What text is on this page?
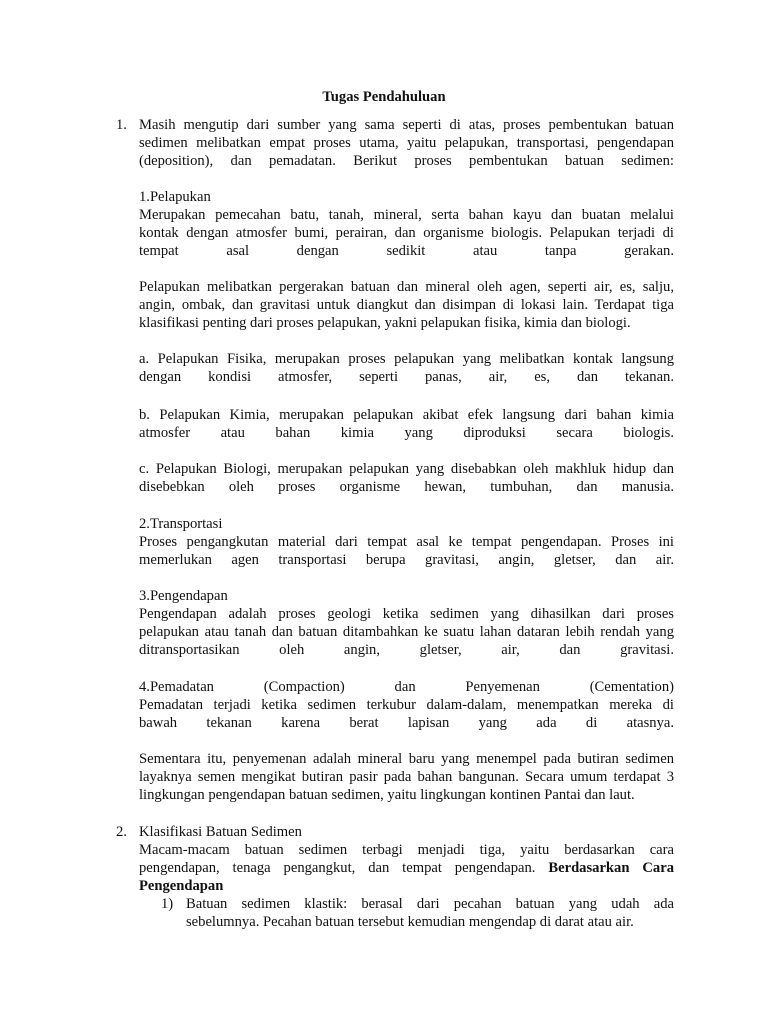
Tugas Pendahuluan
1. Masih mengutip dari sumber yang sama seperti di atas, proses pembentukan batuan
sedimen melibatkan empat proses utama, yaitu pelapukan, transportasi, pengendapan
(deposition), dan pemadatan. Berikut proses pembentukan batuan sedimen:
1.Pelapukan
Merupakan pemecahan batu, tanah, mineral, serta bahan kayu dan buatan melalui
kontak dengan atmosfer bumi, perairan, dan organisme biologis. Pelapukan terjadi di
tempat asal dengan sedikit atau tanpa gerakan.
Pelapukan melibatkan pergerakan batuan dan mineral oleh agen, seperti air, es, salju,
angin, ombak, dan gravitasi untuk diangkut dan disimpan di lokasi lain. Terdapat tiga
klasifikasi penting dari proses pelapukan, yakni pelapukan fisika, kimia dan biologi.
a. Pelapukan Fisika, merupakan proses pelapukan yang melibatkan kontak langsung
dengan kondisi atmosfer, seperti panas, air, es, dan tekanan.
b. Pelapukan Kimia, merupakan pelapukan akibat efek langsung dari bahan kimia
atmosfer atau bahan kimia yang diproduksi secara biologis.
c. Pelapukan Biologi, merupakan pelapukan yang disebabkan oleh makhluk hidup dan
disebebkan oleh proses organisme hewan, tumbuhan, dan manusia.
2.Transportasi
Proses pengangkutan material dari tempat asal ke tempat pengendapan. Proses ini
memerlukan agen transportasi berupa gravitasi, angin, gletser, dan air.
3.Pengendapan
Pengendapan adalah proses geologi ketika sedimen yang dihasilkan dari proses
pelapukan atau tanah dan batuan ditambahkan ke suatu lahan dataran lebih rendah yang
ditransportasikan oleh angin, gletser, air, dan gravitasi.
4.Pemadatan (Compaction) dan Penyemenan (Cementation)
Pemadatan terjadi ketika sedimen terkubur dalam-dalam, menempatkan mereka di
bawah tekanan karena berat lapisan yang ada di atasnya.
Sementara itu, penyemenan adalah mineral baru yang menempel pada butiran sedimen
layaknya semen mengikat butiran pasir pada bahan bangunan. Secara umum terdapat 3
lingkungan pengendapan batuan sedimen, yaitu lingkungan kontinen Pantai dan laut.
2. Klasifikasi Batuan Sedimen
Macam-macam batuan sedimen terbagi menjadi tiga, yaitu berdasarkan cara
pengendapan, tenaga pengangkut, dan tempat pengendapan. Berdasarkan Cara
Pengendapan
1) Batuan sedimen klastik: berasal dari pecahan batuan yang udah ada
sebelumnya. Pecahan batuan tersebut kemudian mengendap di darat atau air.
